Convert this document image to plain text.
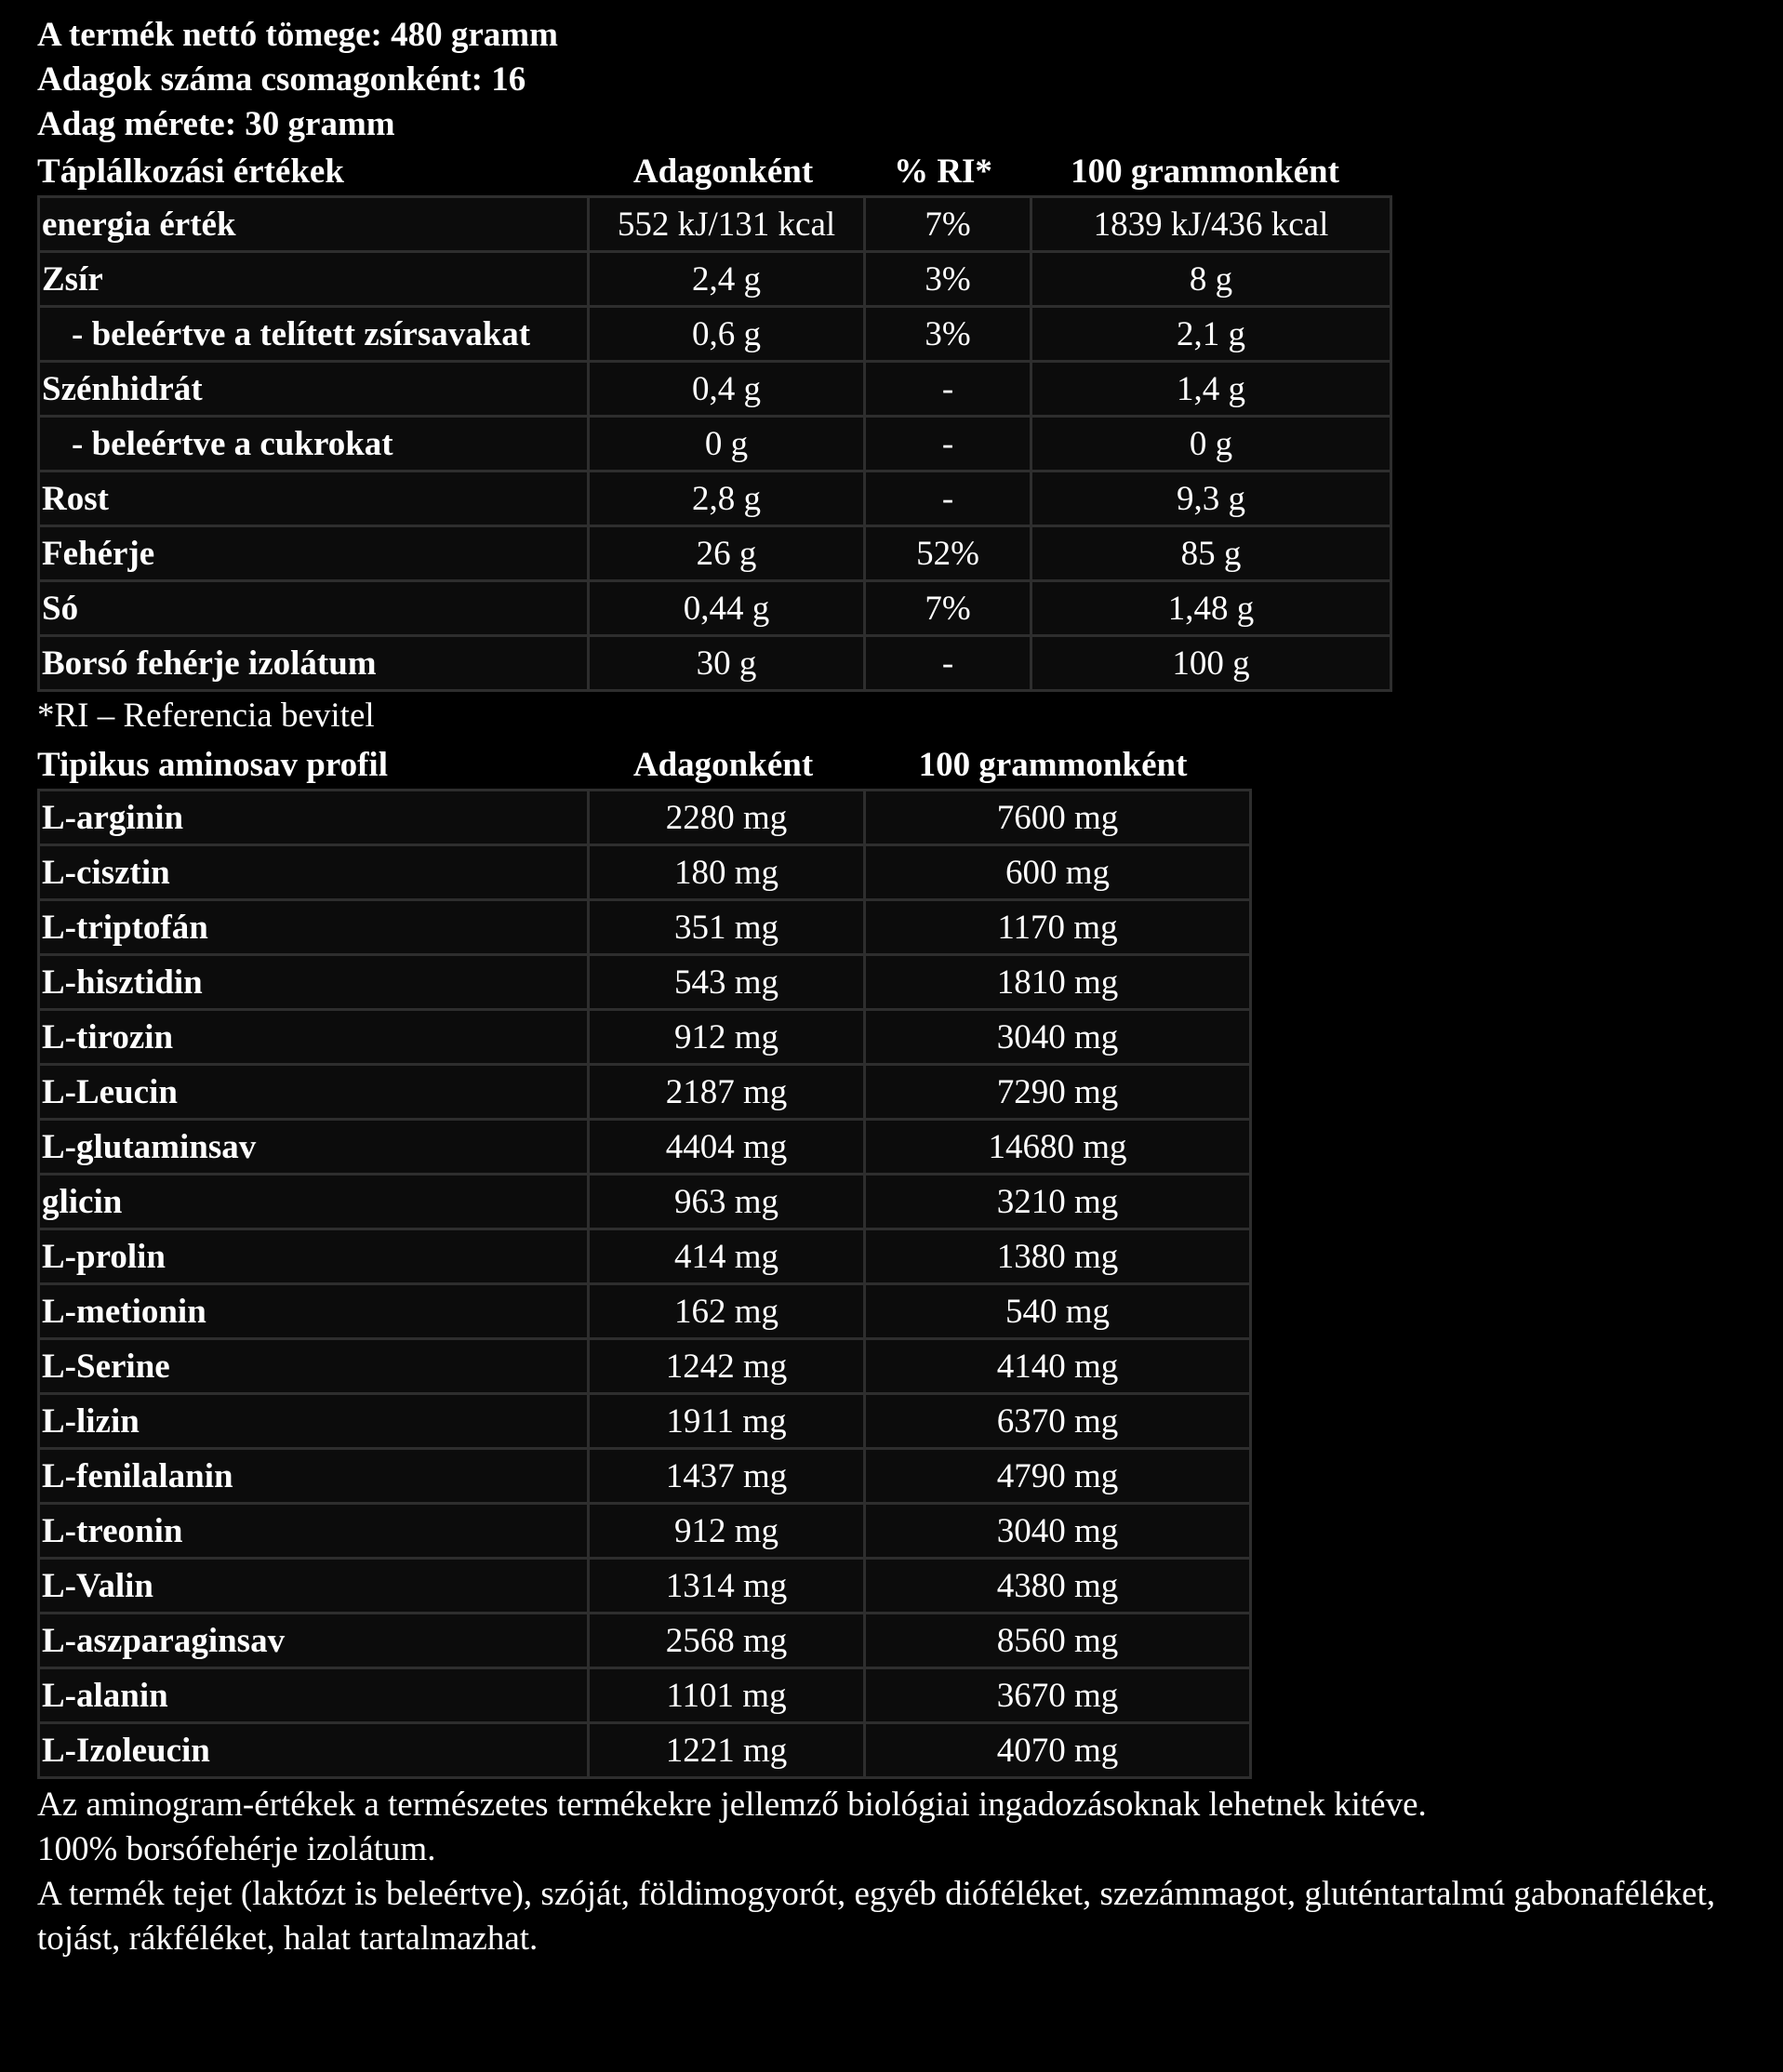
A termék nettó tömege: 480 gramm
Adagok száma csomagonként: 16
Adag mérete: 30 gramm
Táplálkozási értékek	Adagonként	% RI*	100 grammonként
energia érték	552 kJ/131 kcal	7%	1839 kJ/436 kcal
Zsír	2,4 g	3%	8 g
- beleértve a telített zsírsavakat	0,6 g	3%	2,1 g
Szénhidrát	0,4 g	-	1,4 g
- beleértve a cukrokat	0 g	-	0 g
Rost	2,8 g	-	9,3 g
Fehérje	26 g	52%	85 g
Só	0,44 g	7%	1,48 g
Borsó fehérje izolátum	30 g	-	100 g
*RI – Referencia bevitel
Tipikus aminosav profil	Adagonként	100 grammonként
L-arginin	2280 mg	7600 mg
L-cisztin	180 mg	600 mg
L-triptofán	351 mg	1170 mg
L-hisztidin	543 mg	1810 mg
L-tirozin	912 mg	3040 mg
L-Leucin	2187 mg	7290 mg
L-glutaminsav	4404 mg	14680 mg
glicin	963 mg	3210 mg
L-prolin	414 mg	1380 mg
L-metionin	162 mg	540 mg
L-Serine	1242 mg	4140 mg
L-lizin	1911 mg	6370 mg
L-fenilalanin	1437 mg	4790 mg
L-treonin	912 mg	3040 mg
L-Valin	1314 mg	4380 mg
L-aszparaginsav	2568 mg	8560 mg
L-alanin	1101 mg	3670 mg
L-Izoleucin	1221 mg	4070 mg
Az aminogram-értékek a természetes termékekre jellemző biológiai ingadozásoknak lehetnek kitéve.
100% borsófehérje izolátum.
A termék tejet (laktózt is beleértve), szóját, földimogyorót, egyéb dióféléket, szezámmagot, gluténtartalmú gabonaféléket, tojást, rákféléket, halat tartalmazhat.
